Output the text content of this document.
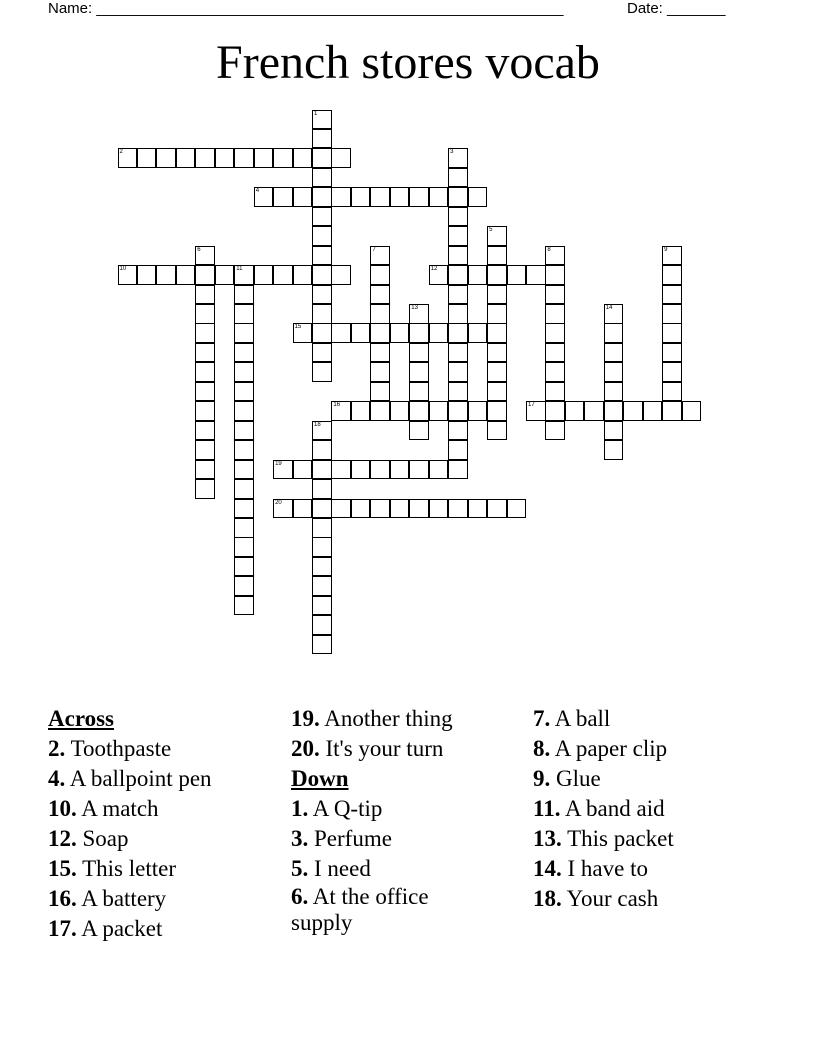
Name: ________________________________________________________	Date: _______
French stores vocab
1
2	3
4
5
6	7	8	9
10	11	12
13	14
15
16	17
18
19
20
Across
2. Toothpaste
4. A ballpoint pen
10. A match
12. Soap
15. This letter
16. A battery
17. A packet
19. Another thing
20. It's your turn
Down
1. A Q-tip
3. Perfume
5. I need
6. At the office supply
7. A ball
8. A paper clip
9. Glue
11. A band aid
13. This packet
14. I have to
18. Your cash
